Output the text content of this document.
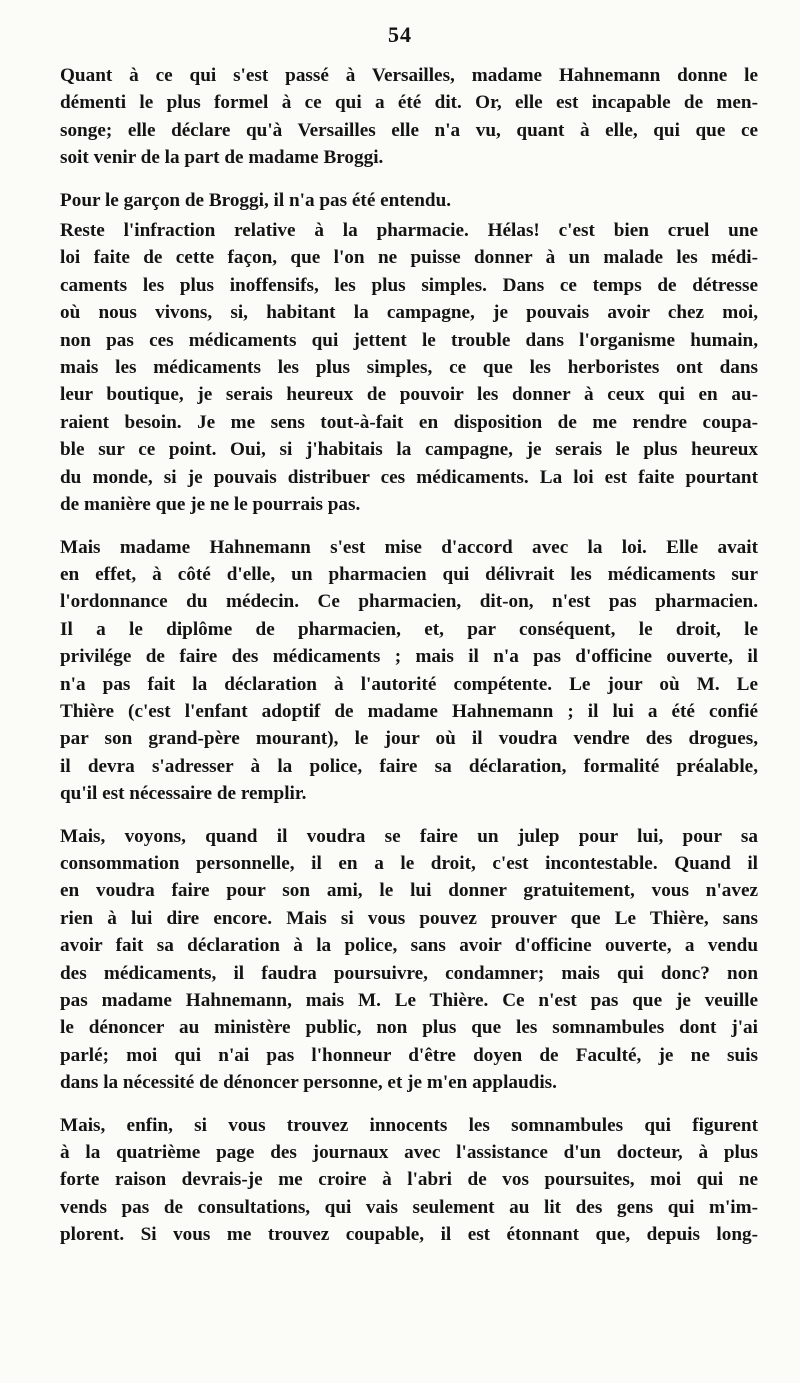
54

Quant à ce qui s'est passé à Versailles, madame Hahnemann donne le
démenti le plus formel à ce qui a été dit. Or, elle est incapable de men-
songe; elle déclare qu'à Versailles elle n'a vu, quant à elle, qui que ce
soit venir de la part de madame Broggi.

Pour le garçon de Broggi, il n'a pas été entendu.

Reste l'infraction relative à la pharmacie. Hélas! c'est bien cruel une
loi faite de cette façon, que l'on ne puisse donner à un malade les médi-
caments les plus inoffensifs, les plus simples. Dans ce temps de détresse
où nous vivons, si, habitant la campagne, je pouvais avoir chez moi,
non pas ces médicaments qui jettent le trouble dans l'organisme humain,
mais les médicaments les plus simples, ce que les herboristes ont dans
leur boutique, je serais heureux de pouvoir les donner à ceux qui en au-
raient besoin. Je me sens tout-à-fait en disposition de me rendre coupa-
ble sur ce point. Oui, si j'habitais la campagne, je serais le plus heureux
du monde, si je pouvais distribuer ces médicaments. La loi est faite pourtant
de manière que je ne le pourrais pas.

Mais madame Hahnemann s'est mise d'accord avec la loi. Elle avait
en effet, à côté d'elle, un pharmacien qui délivrait les médicaments sur
l'ordonnance du médecin. Ce pharmacien, dit-on, n'est pas pharmacien.
Il a le diplôme de pharmacien, et, par conséquent, le droit, le
privilége de faire des médicaments ; mais il n'a pas d'officine ouverte, il
n'a pas fait la déclaration à l'autorité compétente. Le jour où M. Le
Thière (c'est l'enfant adoptif de madame Hahnemann ; il lui a été confié
par son grand-père mourant), le jour où il voudra vendre des drogues,
il devra s'adresser à la police, faire sa déclaration, formalité préalable,
qu'il est nécessaire de remplir.

Mais, voyons, quand il voudra se faire un julep pour lui, pour sa
consommation personnelle, il en a le droit, c'est incontestable. Quand il
en voudra faire pour son ami, le lui donner gratuitement, vous n'avez
rien à lui dire encore. Mais si vous pouvez prouver que Le Thière, sans
avoir fait sa déclaration à la police, sans avoir d'officine ouverte, a vendu
des médicaments, il faudra poursuivre, condamner; mais qui donc? non
pas madame Hahnemann, mais M. Le Thière. Ce n'est pas que je veuille
le dénoncer au ministère public, non plus que les somnambules dont j'ai
parlé; moi qui n'ai pas l'honneur d'être doyen de Faculté, je ne suis
dans la nécessité de dénoncer personne, et je m'en applaudis.

Mais, enfin, si vous trouvez innocents les somnambules qui figurent
à la quatrième page des journaux avec l'assistance d'un docteur, à plus
forte raison devrais-je me croire à l'abri de vos poursuites, moi qui ne
vends pas de consultations, qui vais seulement au lit des gens qui m'im-
plorent. Si vous me trouvez coupable, il est étonnant que, depuis long-
